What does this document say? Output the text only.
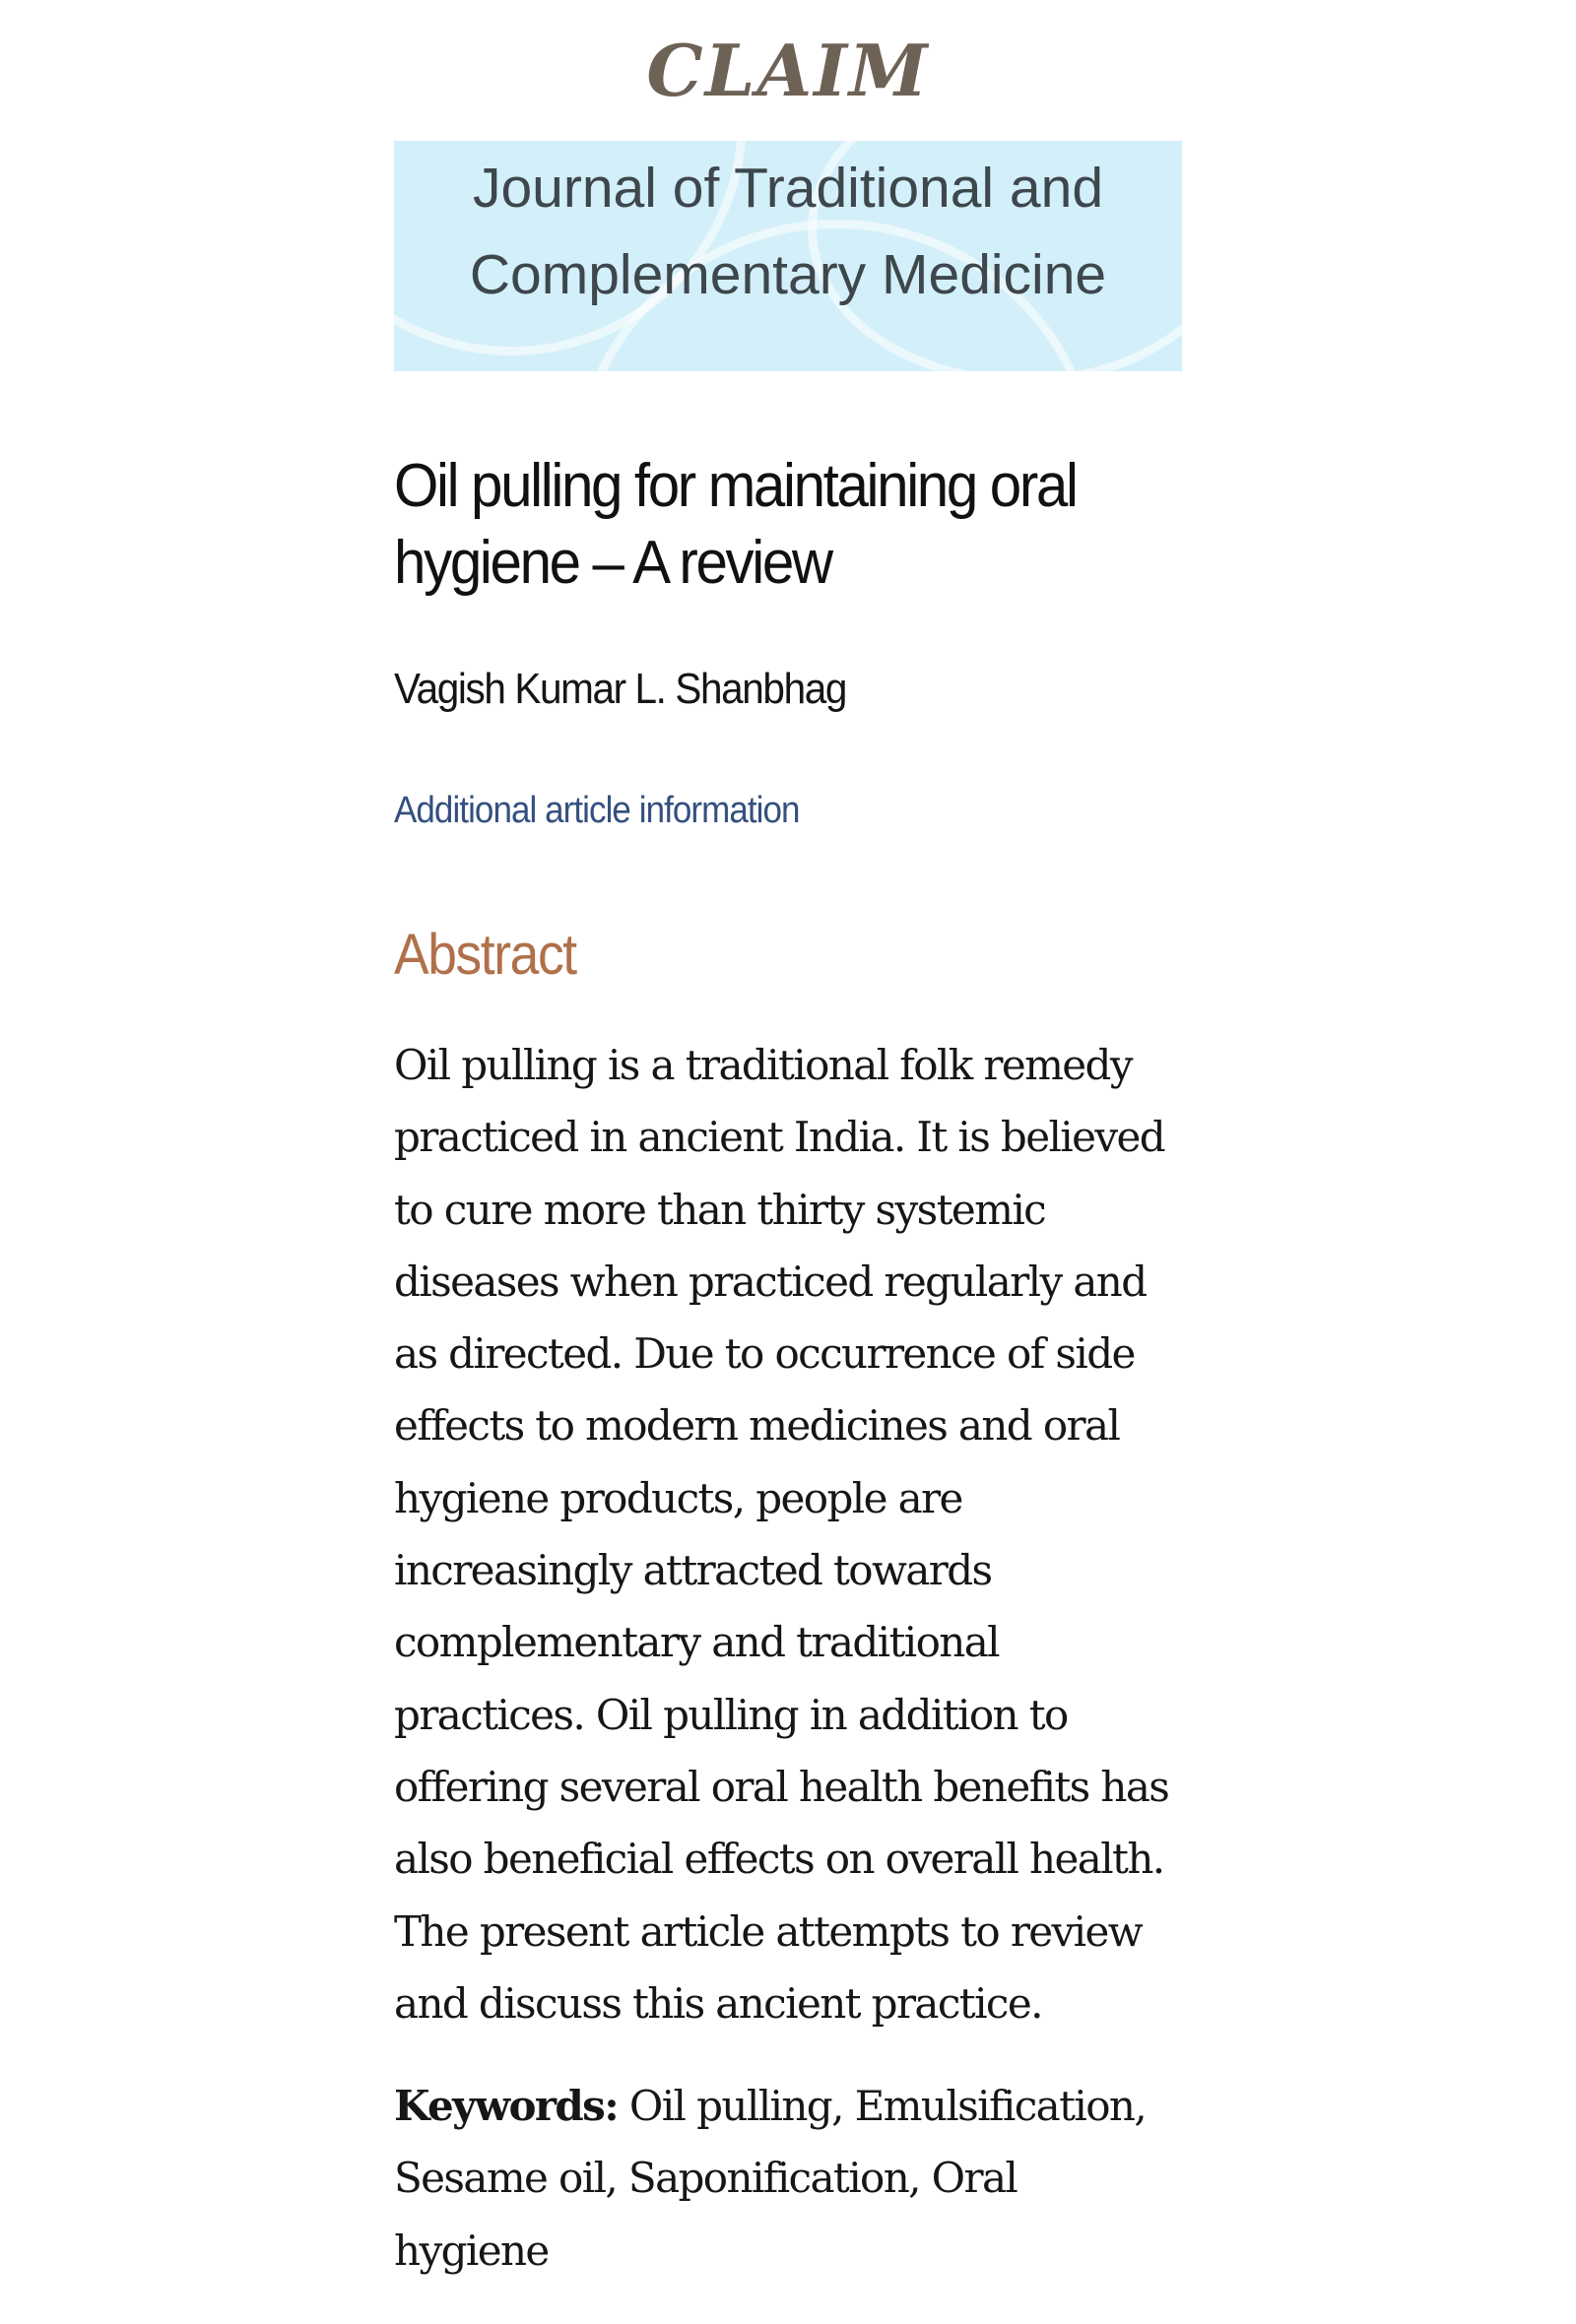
CLAIM
Journal of Traditional and
Complementary Medicine
Oil pulling for maintaining oral
hygiene – A review
Vagish Kumar L. Shanbhag
Additional article information
Abstract
Oil pulling is a traditional folk remedy
practiced in ancient India. It is believed
to cure more than thirty systemic
diseases when practiced regularly and
as directed. Due to occurrence of side
effects to modern medicines and oral
hygiene products, people are
increasingly attracted towards
complementary and traditional
practices. Oil pulling in addition to
offering several oral health benefits has
also beneficial effects on overall health.
The present article attempts to review
and discuss this ancient practice.
Keywords: Oil pulling, Emulsification,
Sesame oil, Saponification, Oral
hygiene
